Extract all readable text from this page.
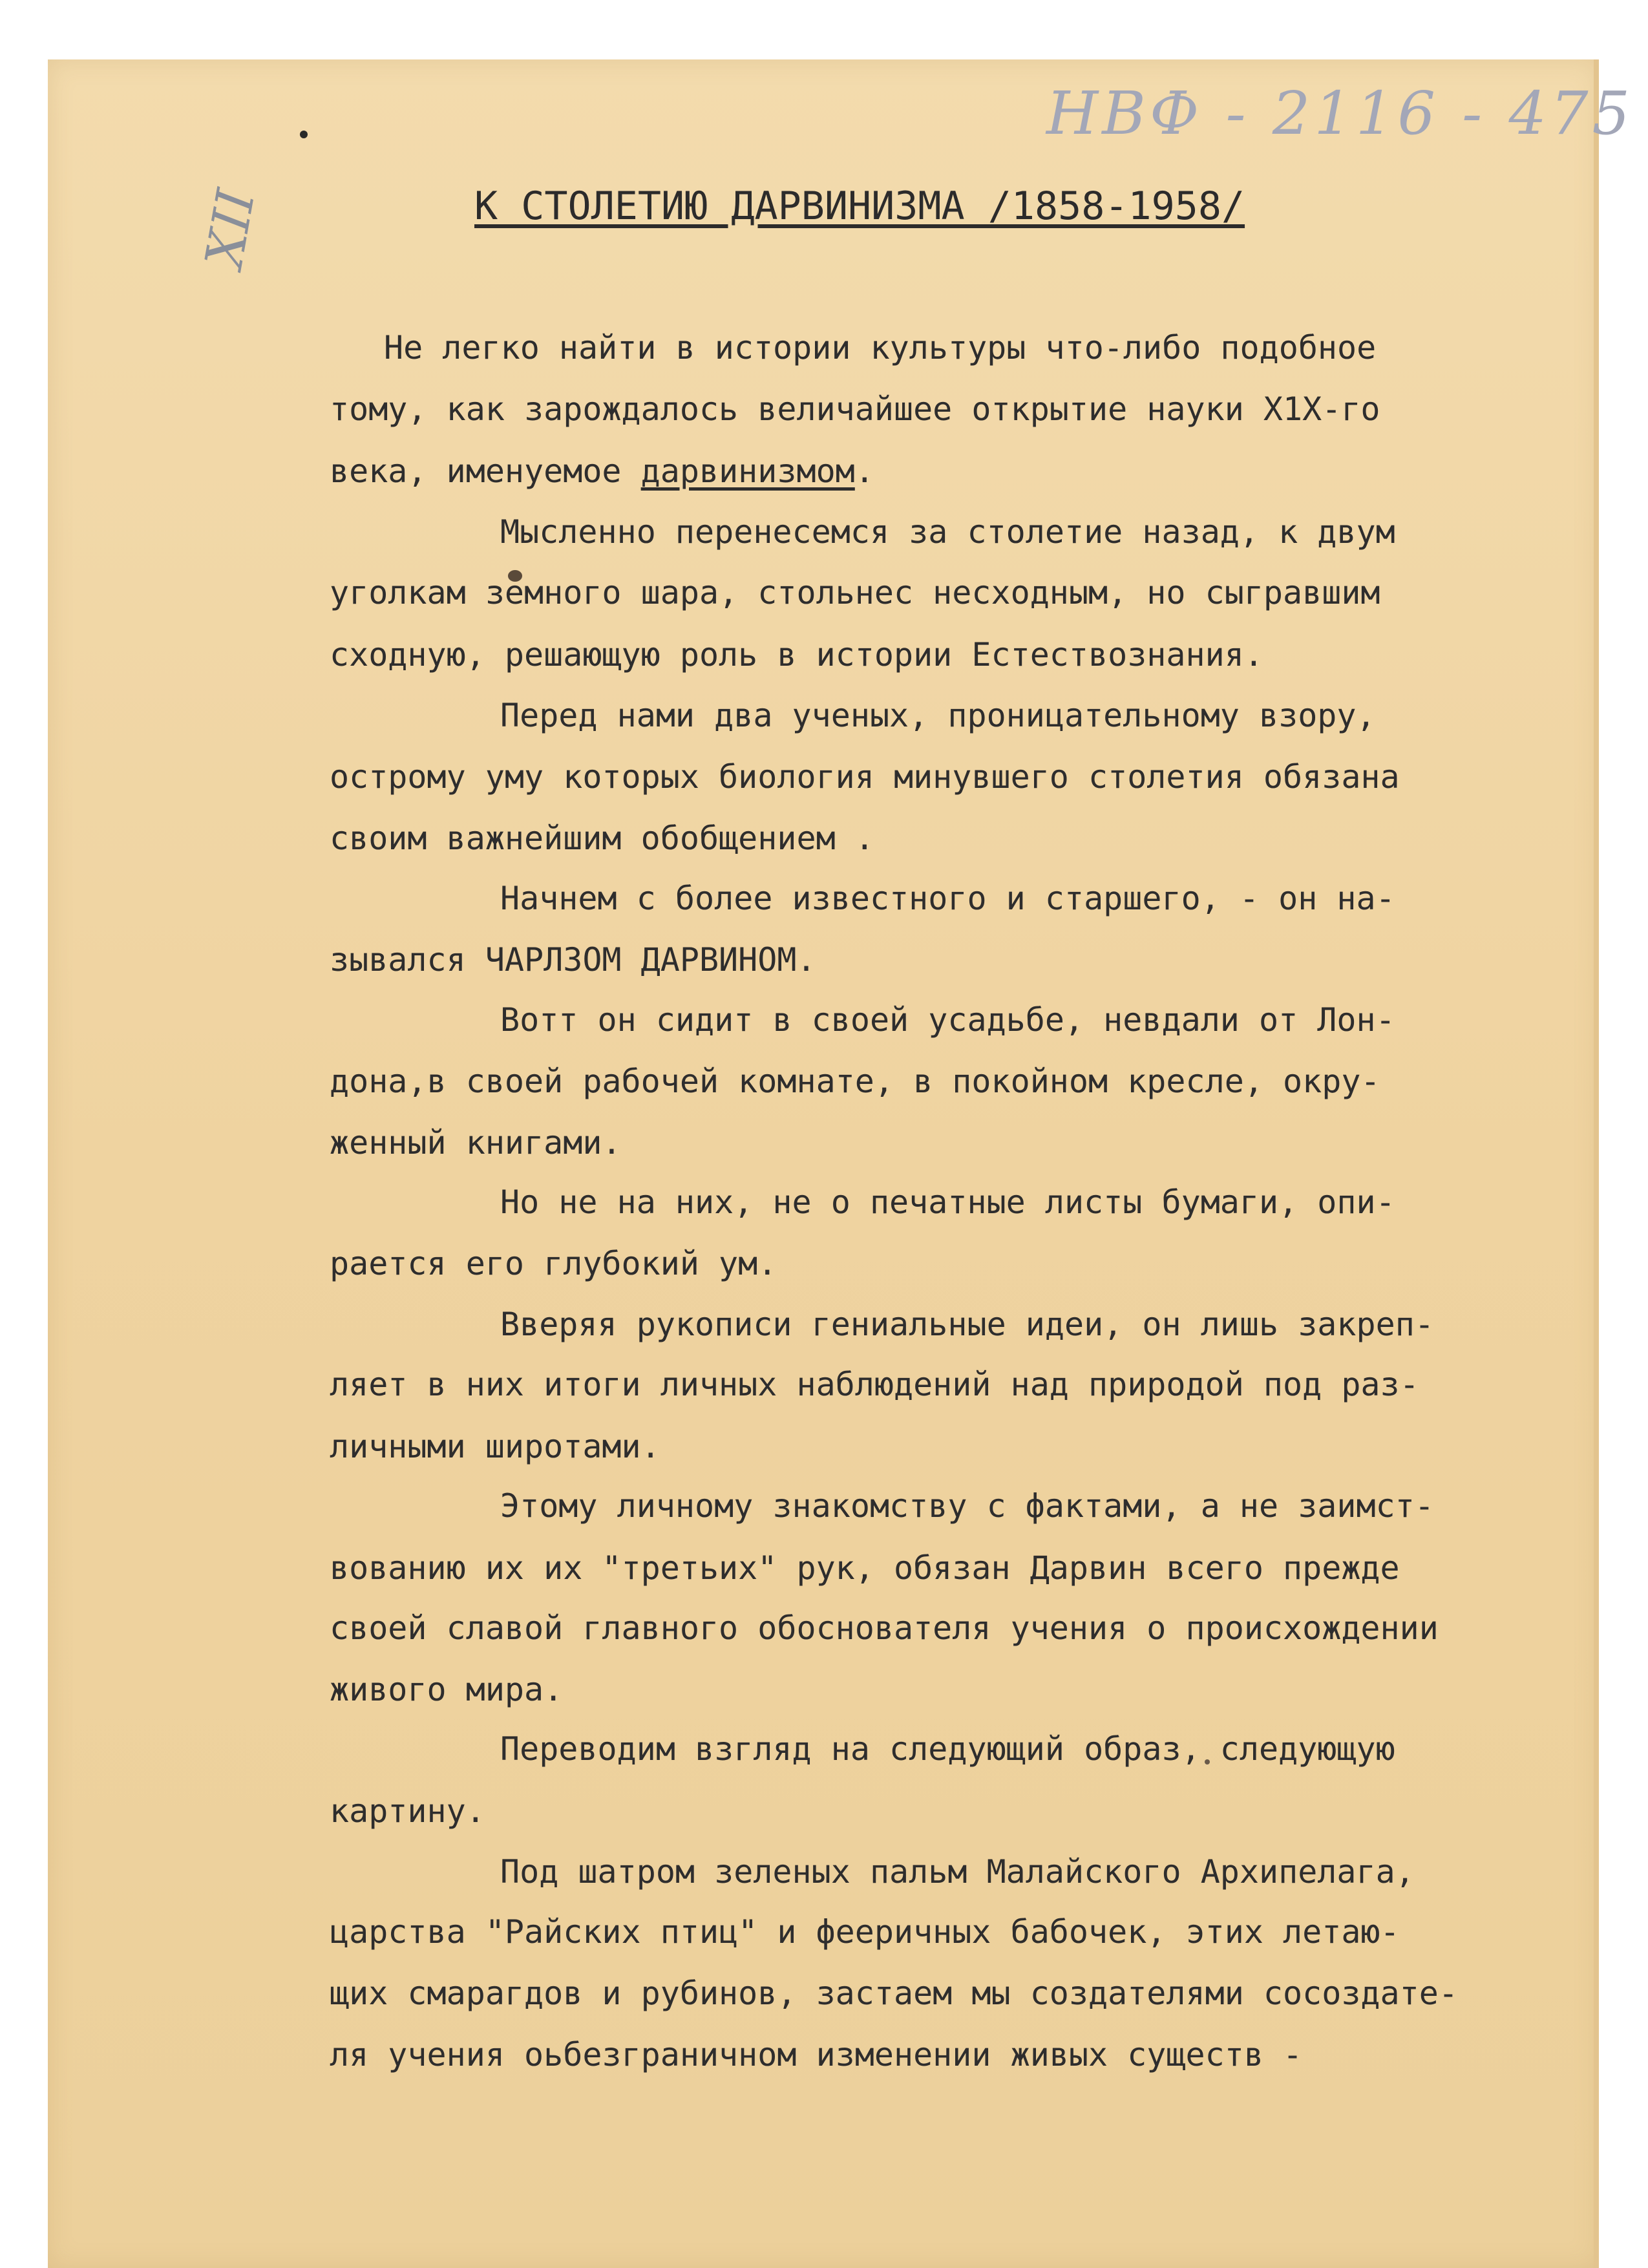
НВФ - 2116 - 475
XII	К СТОЛЕТИЮ ДАРВИНИЗМА /1858-1958/
Не легко найти в истории культуры что-либо подобное
тому, как зарождалось величайшее открытие науки Х1Х-го
века, именуемое дарвинизмом.
Мысленно перенесемся за столетие назад, к двум
уголкам земного шара, стольнес несходным, но сыгравшим
сходную, решающую роль в истории Естествознания.
Перед нами два ученых, проницательному взору,
острому уму которых биология минувшего столетия обязана
своим важнейшим обобщением .
Начнем с более известного и старшего, - он на-
зывался ЧАРЛЗОМ ДАРВИНОМ.
Вотт он сидит в своей усадьбе, невдали от Лон-
дона,в своей рабочей комнате, в покойном кресле, окру-
женный книгами.
Но не на них, не о печатные листы бумаги, опи-
рается его глубокий ум.
Вверяя рукописи гениальные идеи, он лишь закреп-
ляет в них итоги личных наблюдений над природой под раз-
личными широтами.
Этому личному знакомству с фактами, а не заимст-
вованию их их "третьих" рук, обязан Дарвин всего прежде
своей славой главного обоснователя учения о происхождении
живого мира.
Переводим взгляд на следующий образ, следующую
картину.
Под шатром зеленых пальм Малайского Архипелага,
царства "Райских птиц" и фееричных бабочек, этих летаю-
щих смарагдов и рубинов, застаем мы создателями сосоздате-
ля учения оьбезграничном изменении живых существ -
